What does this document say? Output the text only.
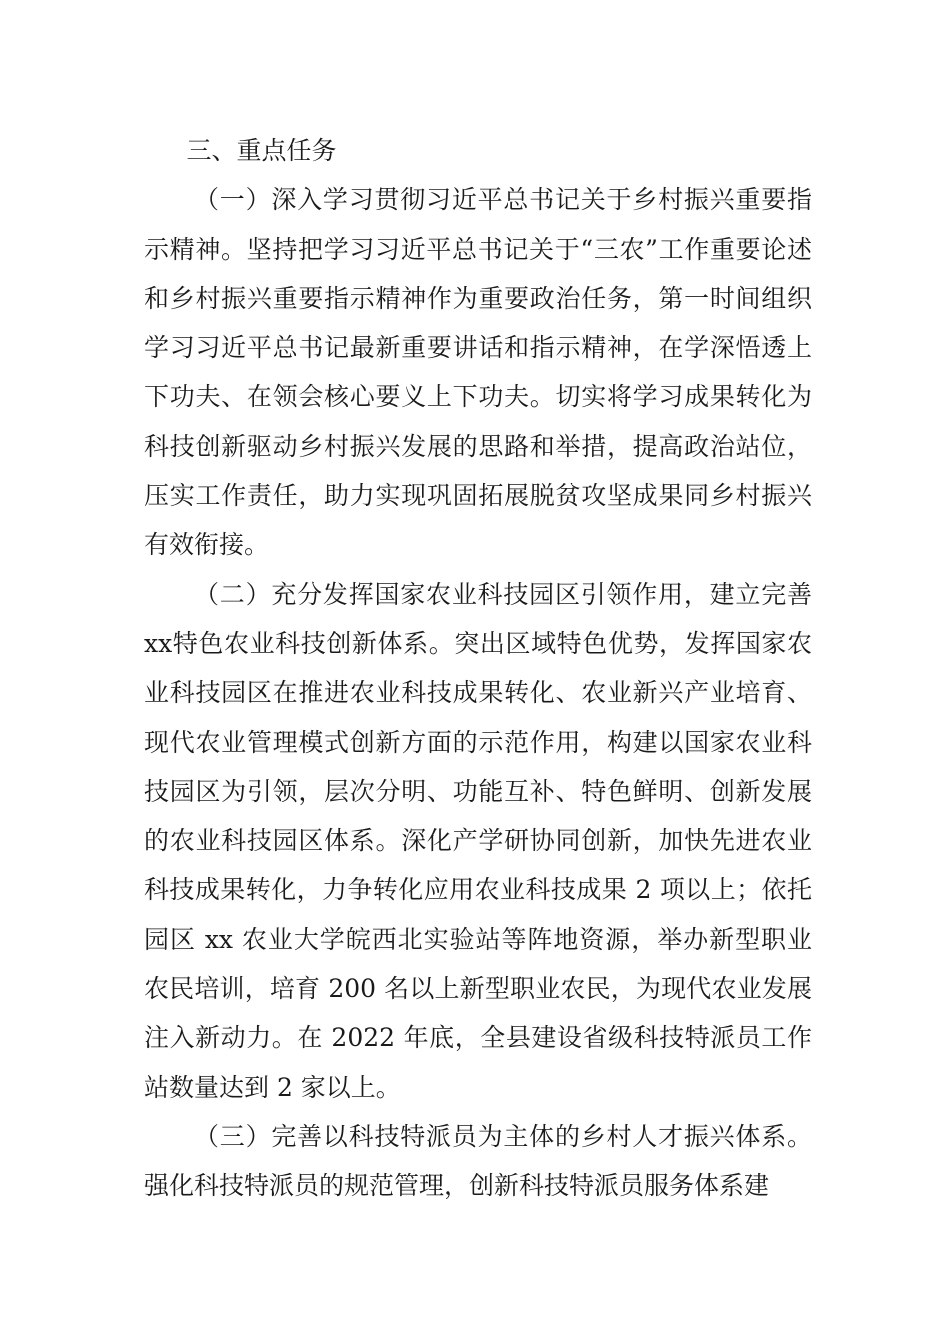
三、重点任务

（一）深入学习贯彻习近平总书记关于乡村振兴重要指示精神。坚持把学习习近平总书记关于“三农”工作重要论述和乡村振兴重要指示精神作为重要政治任务，第一时间组织学习习近平总书记最新重要讲话和指示精神，在学深悟透上下功夫、在领会核心要义上下功夫。切实将学习成果转化为科技创新驱动乡村振兴发展的思路和举措，提高政治站位，压实工作责任，助力实现巩固拓展脱贫攻坚成果同乡村振兴有效衔接。

（二）充分发挥国家农业科技园区引领作用，建立完善xx特色农业科技创新体系。突出区域特色优势，发挥国家农业科技园区在推进农业科技成果转化、农业新兴产业培育、现代农业管理模式创新方面的示范作用，构建以国家农业科技园区为引领，层次分明、功能互补、特色鲜明、创新发展的农业科技园区体系。深化产学研协同创新，加快先进农业科技成果转化，力争转化应用农业科技成果 2 项以上；依托园区 xx 农业大学皖西北实验站等阵地资源，举办新型职业农民培训，培育 200 名以上新型职业农民，为现代农业发展注入新动力。在 2022 年底，全县建设省级科技特派员工作站数量达到 2 家以上。

（三）完善以科技特派员为主体的乡村人才振兴体系。强化科技特派员的规范管理，创新科技特派员服务体系建
